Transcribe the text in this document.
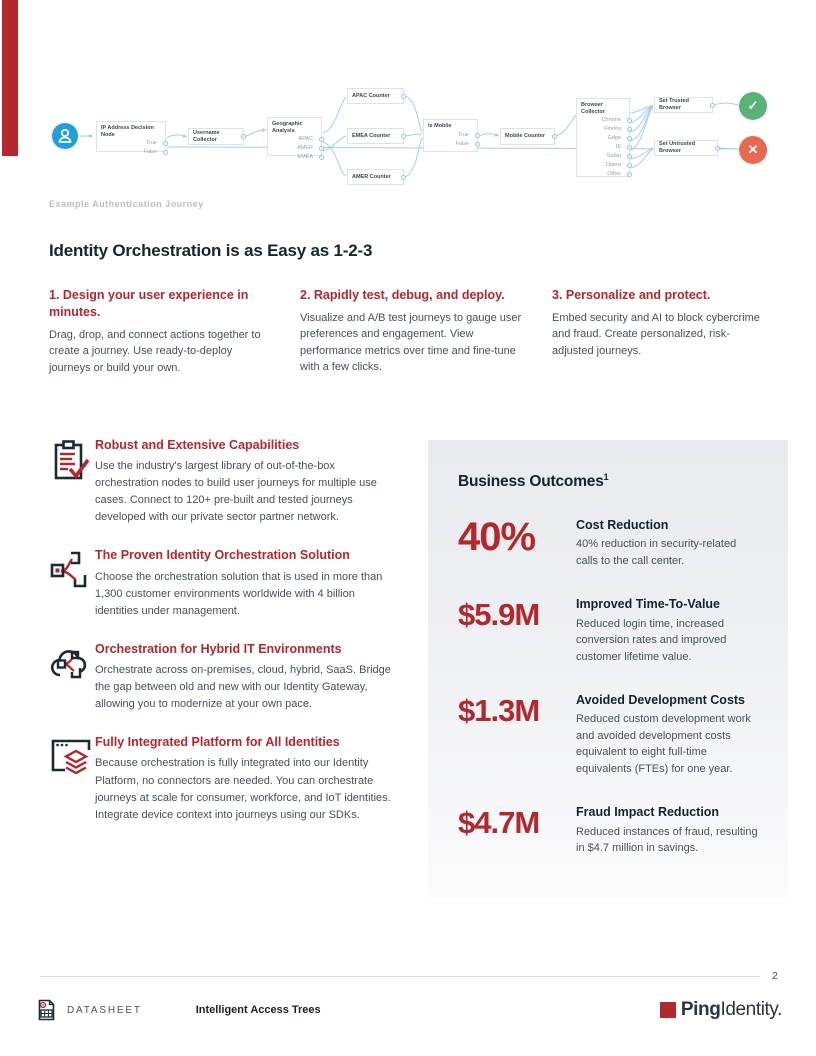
IP Address Decision Node
True
False
Username Collector
Geographic Analysis
APAC
AMER
EMEA
APAC Counter
EMEA Counter
AMER Counter
Is Mobile
True
False
Mobile Counter
Browser Collector
Chrome
Firefox
Edge
IE
Safari
Opera
Other
Set Trusted Browser
Set Untrusted Browser
✓
✕
Example Authentication Journey
Identity Orchestration is as Easy as 1-2-3
1. Design your user experience in minutes.

Drag, drop, and connect actions together to create a journey. Use ready-to-deploy journeys or build your own.

2. Rapidly test, debug, and deploy.

Visualize and A/B test journeys to gauge user preferences and engagement. View performance metrics over time and fine-tune with a few clicks.

3. Personalize and protect.

Embed security and AI to block cybercrime and fraud. Create personalized, risk-adjusted journeys.

Robust and Extensive Capabilities

Use the industry's largest library of out-of-the-box orchestration nodes to build user journeys for multiple use cases. Connect to 120+ pre-built and tested journeys developed with our private sector partner network.

The Proven Identity Orchestration Solution

Choose the orchestration solution that is used in more than 1,300 customer environments worldwide with 4 billion identities under management.

Orchestration for Hybrid IT Environments

Orchestrate across on-premises, cloud, hybrid, SaaS. Bridge the gap between old and new with our Identity Gateway, allowing you to modernize at your own pace.

Fully Integrated Platform for All Identities

Because orchestration is fully integrated into our Identity Platform, no connectors are needed. You can orchestrate journeys at scale for consumer, workforce, and IoT identities. Integrate device context into journeys using our SDKs.

Business Outcomes$^1$
40%	Cost Reduction

40% reduction in security-related calls to the call center.

$5.9M	Improved Time-To-Value

Reduced login time, increased conversion rates and improved customer lifetime value.

$1.3M	Avoided Development Costs

Reduced custom development work and avoided development costs equivalent to eight full-time equivalents (FTEs) for one year.

$4.7M	Fraud Impact Reduction

Reduced instances of fraud, resulting in $4.7 million in savings.

2
DATASHEET	Intelligent Access Trees	Ping Identity.
